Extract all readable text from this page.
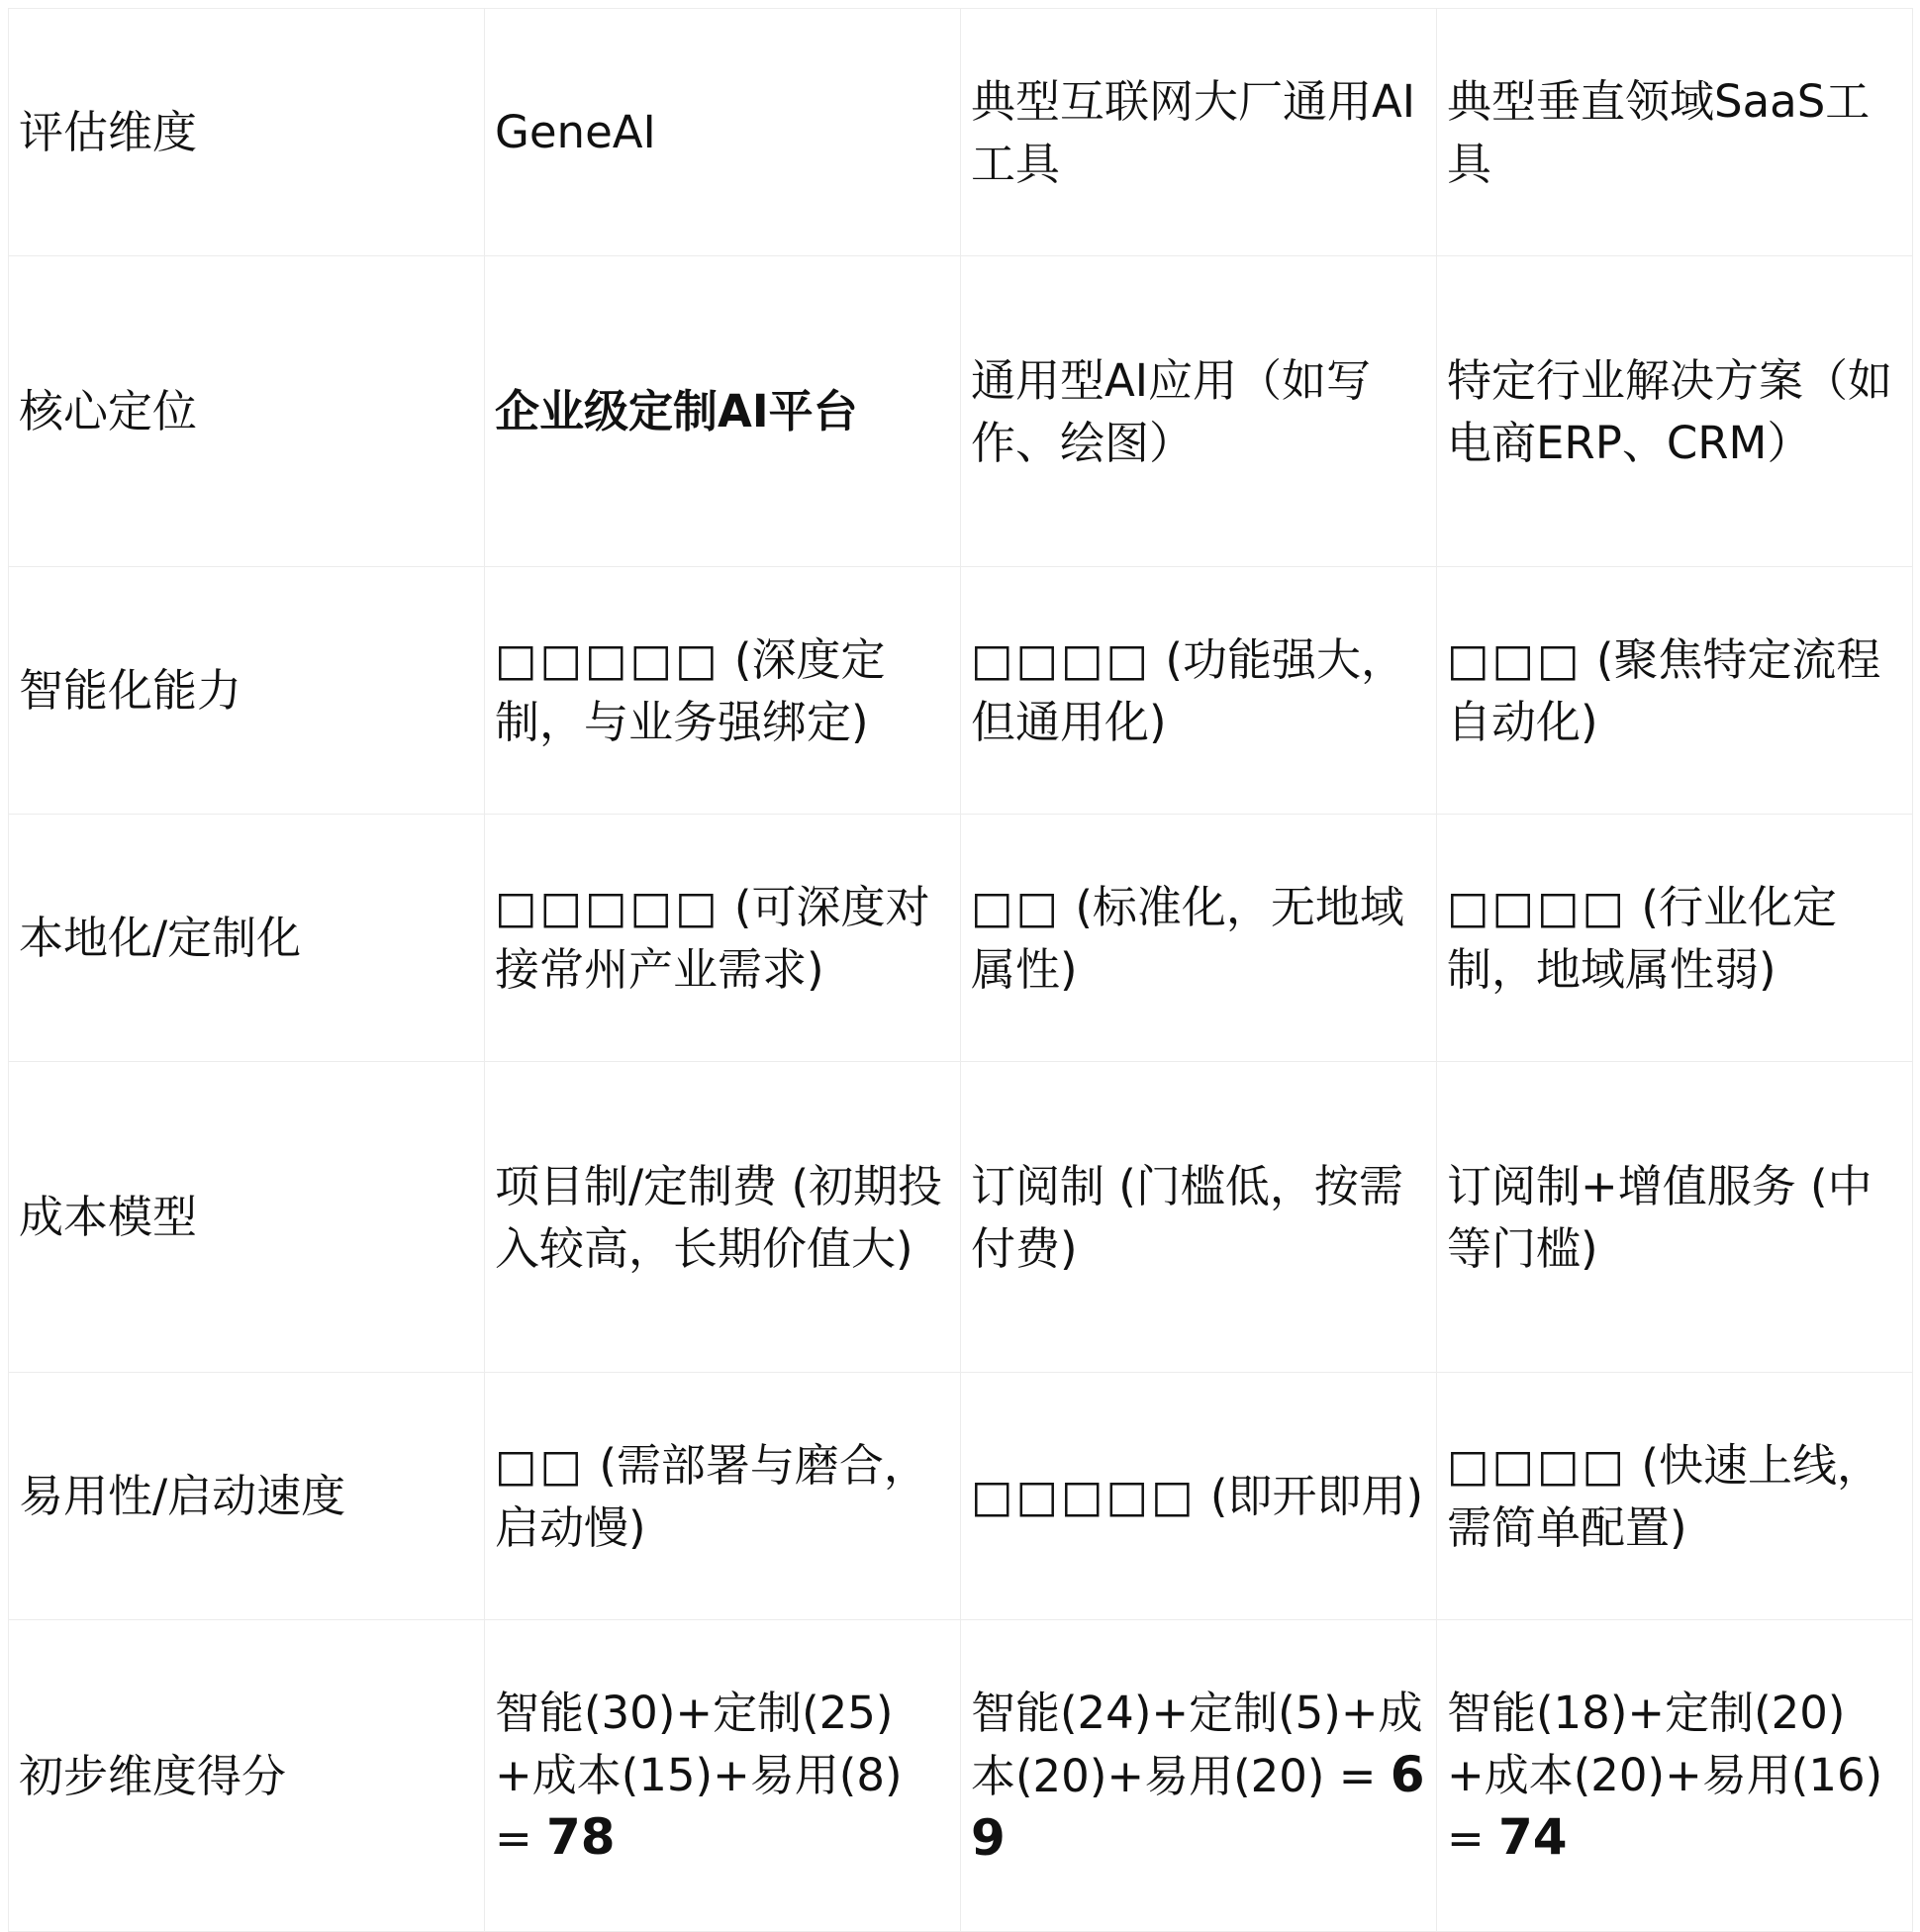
评估维度	GeneAI	典型互联网大厂通用AI工具	典型垂直领域SaaS工具
核心定位	企业级定制AI平台	通用型AI应用（如写作、绘图）	特定行业解决方案（如电商ERP、CRM）
智能化能力	□□□□□ (深度定制，与业务强绑定)	□□□□ (功能强大，但通用化)	□□□ (聚焦特定流程自动化)
本地化/定制化	□□□□□ (可深度对接常州产业需求)	□□ (标准化，无地域属性)	□□□□ (行业化定制，地域属性弱)
成本模型	项目制/定制费 (初期投入较高，长期价值大)	订阅制 (门槛低，按需付费)	订阅制+增值服务 (中等门槛)
易用性/启动速度	□□ (需部署与磨合，启动慢)	□□□□□ (即开即用)	□□□□ (快速上线，需简单配置)
初步维度得分	智能(30)+定制(25)+成本(15)+易用(8) = 78	智能(24)+定制(5)+成本(20)+易用(20) = 69	智能(18)+定制(20)+成本(20)+易用(16) = 74
